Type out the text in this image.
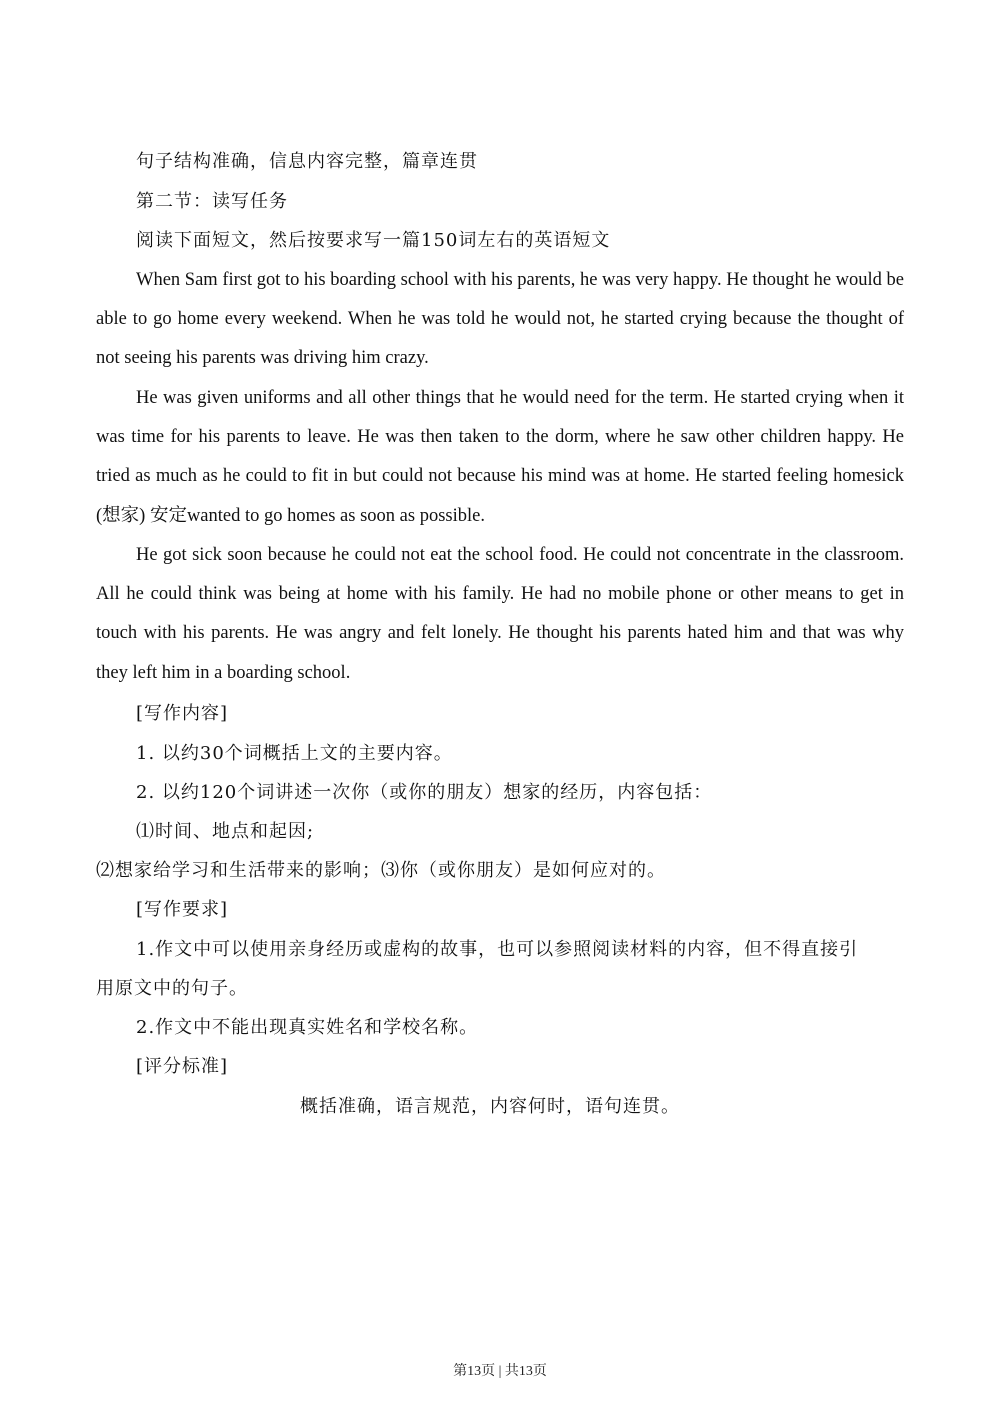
句子结构准确，信息内容完整，篇章连贯
第二节：读写任务
阅读下面短文，然后按要求写一篇150词左右的英语短文

When Sam first got to his boarding school with his parents, he was very happy. He thought he would be able to go home every weekend. When he was told he would not, he started crying because the thought of not seeing his parents was driving him crazy.

He was given uniforms and all other things that he would need for the term. He started crying when it was time for his parents to leave. He was then taken to the dorm, where he saw other children happy. He tried as much as he could to fit in but could not because his mind was at home. He started feeling homesick (想家) 安定wanted to go homes as soon as possible.

He got sick soon because he could not eat the school food. He could not concentrate in the classroom. All he could think was being at home with his family. He had no mobile phone or other means to get in touch with his parents. He was angry and felt lonely. He thought his parents hated him and that was why they left him in a boarding school.

[写作内容]
1. 以约30个词概括上文的主要内容。
2. 以约120个词讲述一次你（或你的朋友）想家的经历，内容包括：
⑴时间、地点和起因;
⑵想家给学习和生活带来的影响；⑶你（或你朋友）是如何应对的。
[写作要求]
1.作文中可以使用亲身经历或虚构的故事，也可以参照阅读材料的内容，但不得直接引
用原文中的句子。
2.作文中不能出现真实姓名和学校名称。
[评分标准]
概括准确，语言规范，内容何时，语句连贯。
第13页 | 共13页
